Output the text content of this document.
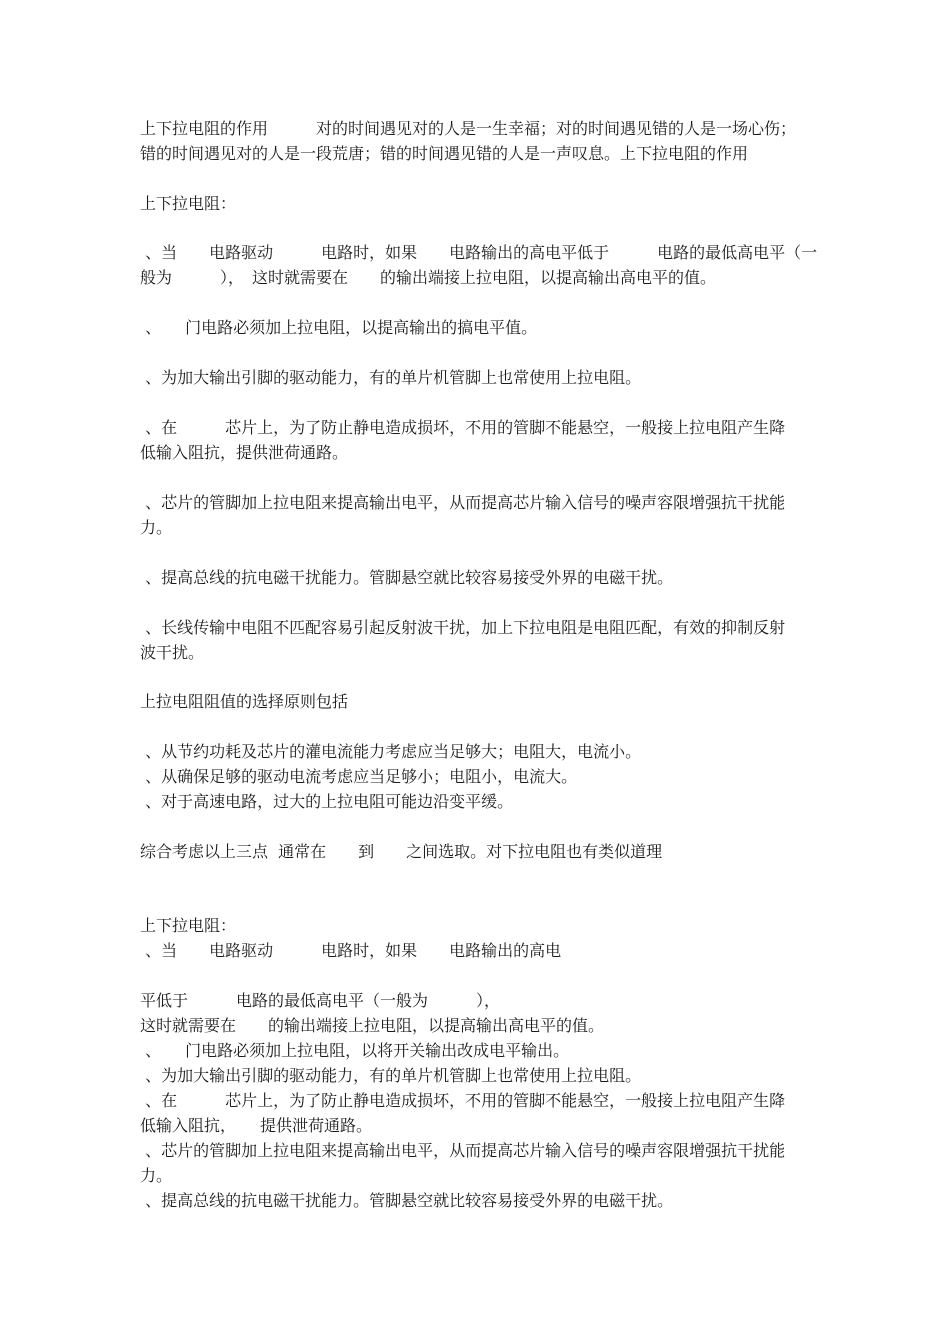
上下拉电阻的作用　　　对的时间遇见对的人是一生幸福；对的时间遇见错的人是一场心伤；
错的时间遇见对的人是一段荒唐；错的时间遇见错的人是一声叹息。上下拉电阻的作用
上下拉电阻：
、当　　电路驱动　　　电路时，如果　　电路输出的高电平低于　　　电路的最低高电平（一
般为　　　），　这时就需要在　　的输出端接上拉电阻，以提高输出高电平的值。
、　　门电路必须加上拉电阻，以提高输出的搞电平值。
、为加大输出引脚的驱动能力，有的单片机管脚上也常使用上拉电阻。
、在　　　芯片上，为了防止静电造成损坏，不用的管脚不能悬空，一般接上拉电阻产生降
低输入阻抗，提供泄荷通路。
、芯片的管脚加上拉电阻来提高输出电平，从而提高芯片输入信号的噪声容限增强抗干扰能
力。
、提高总线的抗电磁干扰能力。管脚悬空就比较容易接受外界的电磁干扰。
、长线传输中电阻不匹配容易引起反射波干扰，加上下拉电阻是电阻匹配，有效的抑制反射
波干扰。
上拉电阻阻值的选择原则包括
、从节约功耗及芯片的灌电流能力考虑应当足够大；电阻大，电流小。
、从确保足够的驱动电流考虑应当足够小；电阻小，电流大。
、对于高速电路，过大的上拉电阻可能边沿变平缓。
综合考虑以上三点  通常在　　到　　之间选取。对下拉电阻也有类似道理
上下拉电阻：
、当　　电路驱动　　　电路时，如果　　电路输出的高电
平低于　　　电路的最低高电平（一般为　　　），
这时就需要在　　的输出端接上拉电阻，以提高输出高电平的值。
、　　门电路必须加上拉电阻，以将开关输出改成电平输出。
、为加大输出引脚的驱动能力，有的单片机管脚上也常使用上拉电阻。
、在　　　芯片上，为了防止静电造成损坏，不用的管脚不能悬空，一般接上拉电阻产生降
低输入阻抗，　　提供泄荷通路。
、芯片的管脚加上拉电阻来提高输出电平，从而提高芯片输入信号的噪声容限增强抗干扰能
力。
、提高总线的抗电磁干扰能力。管脚悬空就比较容易接受外界的电磁干扰。
